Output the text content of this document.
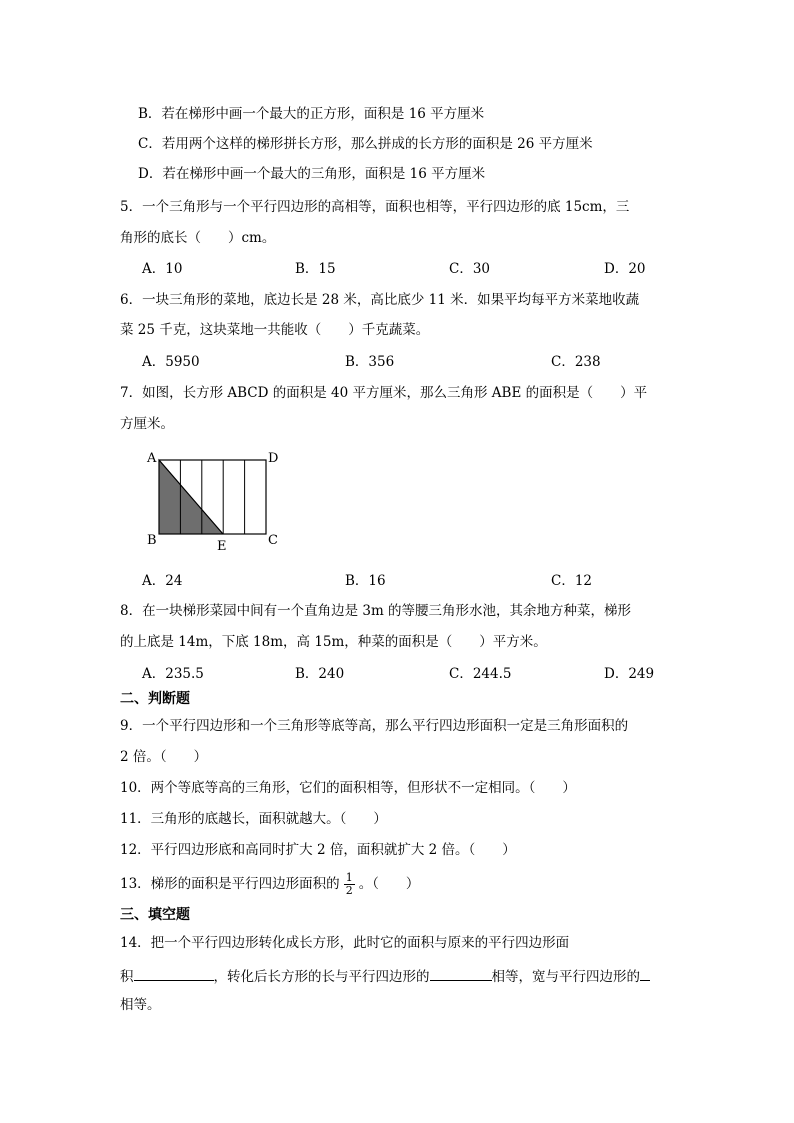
B．若在梯形中画一个最大的正方形，面积是 16 平方厘米
C．若用两个这样的梯形拼长方形，那么拼成的长方形的面积是 26 平方厘米
D．若在梯形中画一个最大的三角形，面积是 16 平方厘米
5．一个三角形与一个平行四边形的高相等，面积也相等，平行四边形的底 15cm，三
角形的底长（　　）cm。
A．10	B．15	C．30	D．20
6．一块三角形的菜地，底边长是 28 米，高比底少 11 米．如果平均每平方米菜地收蔬
菜 25 千克，这块菜地一共能收（　　）千克蔬菜。
A．5950	B．356	C．238
7．如图，长方形 ABCD 的面积是 40 平方厘米，那么三角形 ABE 的面积是（　　）平
方厘米。
A	D
B	E	C
A．24	B．16	C．12
8．在一块梯形菜园中间有一个直角边是 3m 的等腰三角形水池，其余地方种菜，梯形
的上底是 14m，下底 18m，高 15m，种菜的面积是（　　）平方米。
A．235.5	B．240	C．244.5	D．249
二、判断题
9．一个平行四边形和一个三角形等底等高，那么平行四边形面积一定是三角形面积的
2 倍。（　　）
10．两个等底等高的三角形，它们的面积相等，但形状不一定相同。（　　）
11．三角形的底越长，面积就越大。（　　）
12．平行四边形底和高同时扩大 2 倍，面积就扩大 2 倍。（　　）
13．梯形的面积是平行四边形面积的 $\frac{1}{2}$ 。（　　）
三、填空题
14．把一个平行四边形转化成长方形，此时它的面积与原来的平行四边形面
积	，转化后长方形的长与平行四边形的	相等，宽与平行四边形的
相等。
